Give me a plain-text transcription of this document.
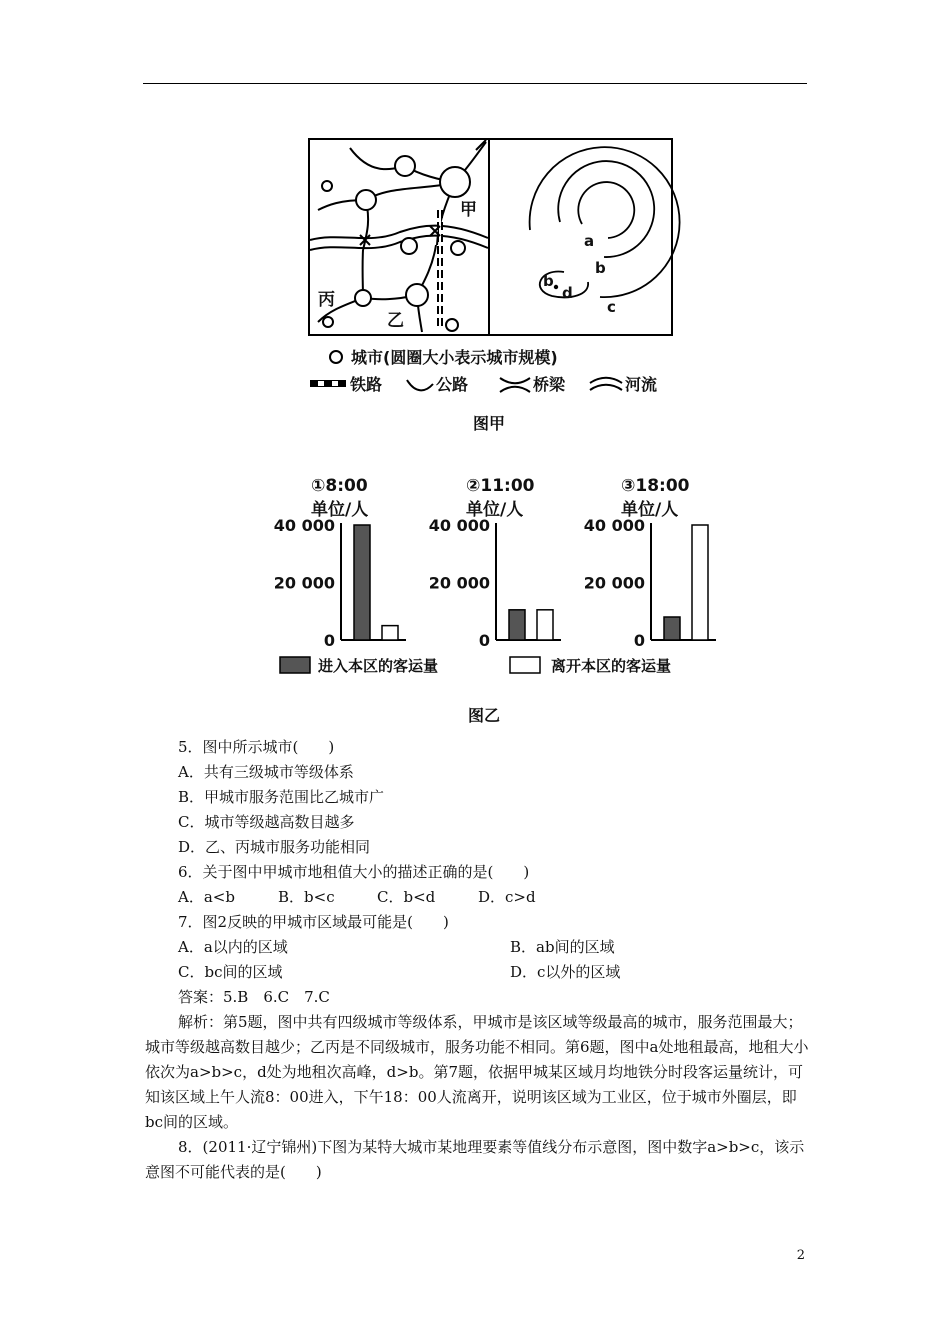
甲
丙
乙
a
b
c
b
d
城市(圆圈大小表示城市规模)
铁路	公路	桥梁	河流
图甲
①8:00
单位/人
40 000
20 000
0
②11:00
单位/人
40 000
20 000
0
③18:00
单位/人
40 000
20 000
0
进入本区的客运量	离开本区的客运量
图乙
5．图中所示城市(　　)
A．共有三级城市等级体系
B．甲城市服务范围比乙城市广
C．城市等级越高数目越多
D．乙、丙城市服务功能相同
6．关于图中甲城市地租值大小的描述正确的是(　　)
A．a<b	B．b<c	C．b<d	D．c>d
7．图2反映的甲城市区域最可能是(　　)
A．a以内的区域	B．ab间的区域
C．bc间的区域	D．c以外的区域
答案：5.B　6.C　7.C
解析：第5题，图中共有四级城市等级体系，甲城市是该区域等级最高的城市，服务范围最大；城市等级越高数目越少；乙丙是不同级城市，服务功能不相同。第6题，图中a处地租最高，地租大小依次为a>b>c，d处为地租次高峰，d>b。第7题，依据甲城某区域月均地铁分时段客运量统计，可知该区域上午人流8：00进入，下午18：00人流离开，说明该区域为工业区，位于城市外圈层，即bc间的区域。
8．(2011·辽宁锦州)下图为某特大城市某地理要素等值线分布示意图，图中数字a>b>c，该示意图不可能代表的是(　　)
2
